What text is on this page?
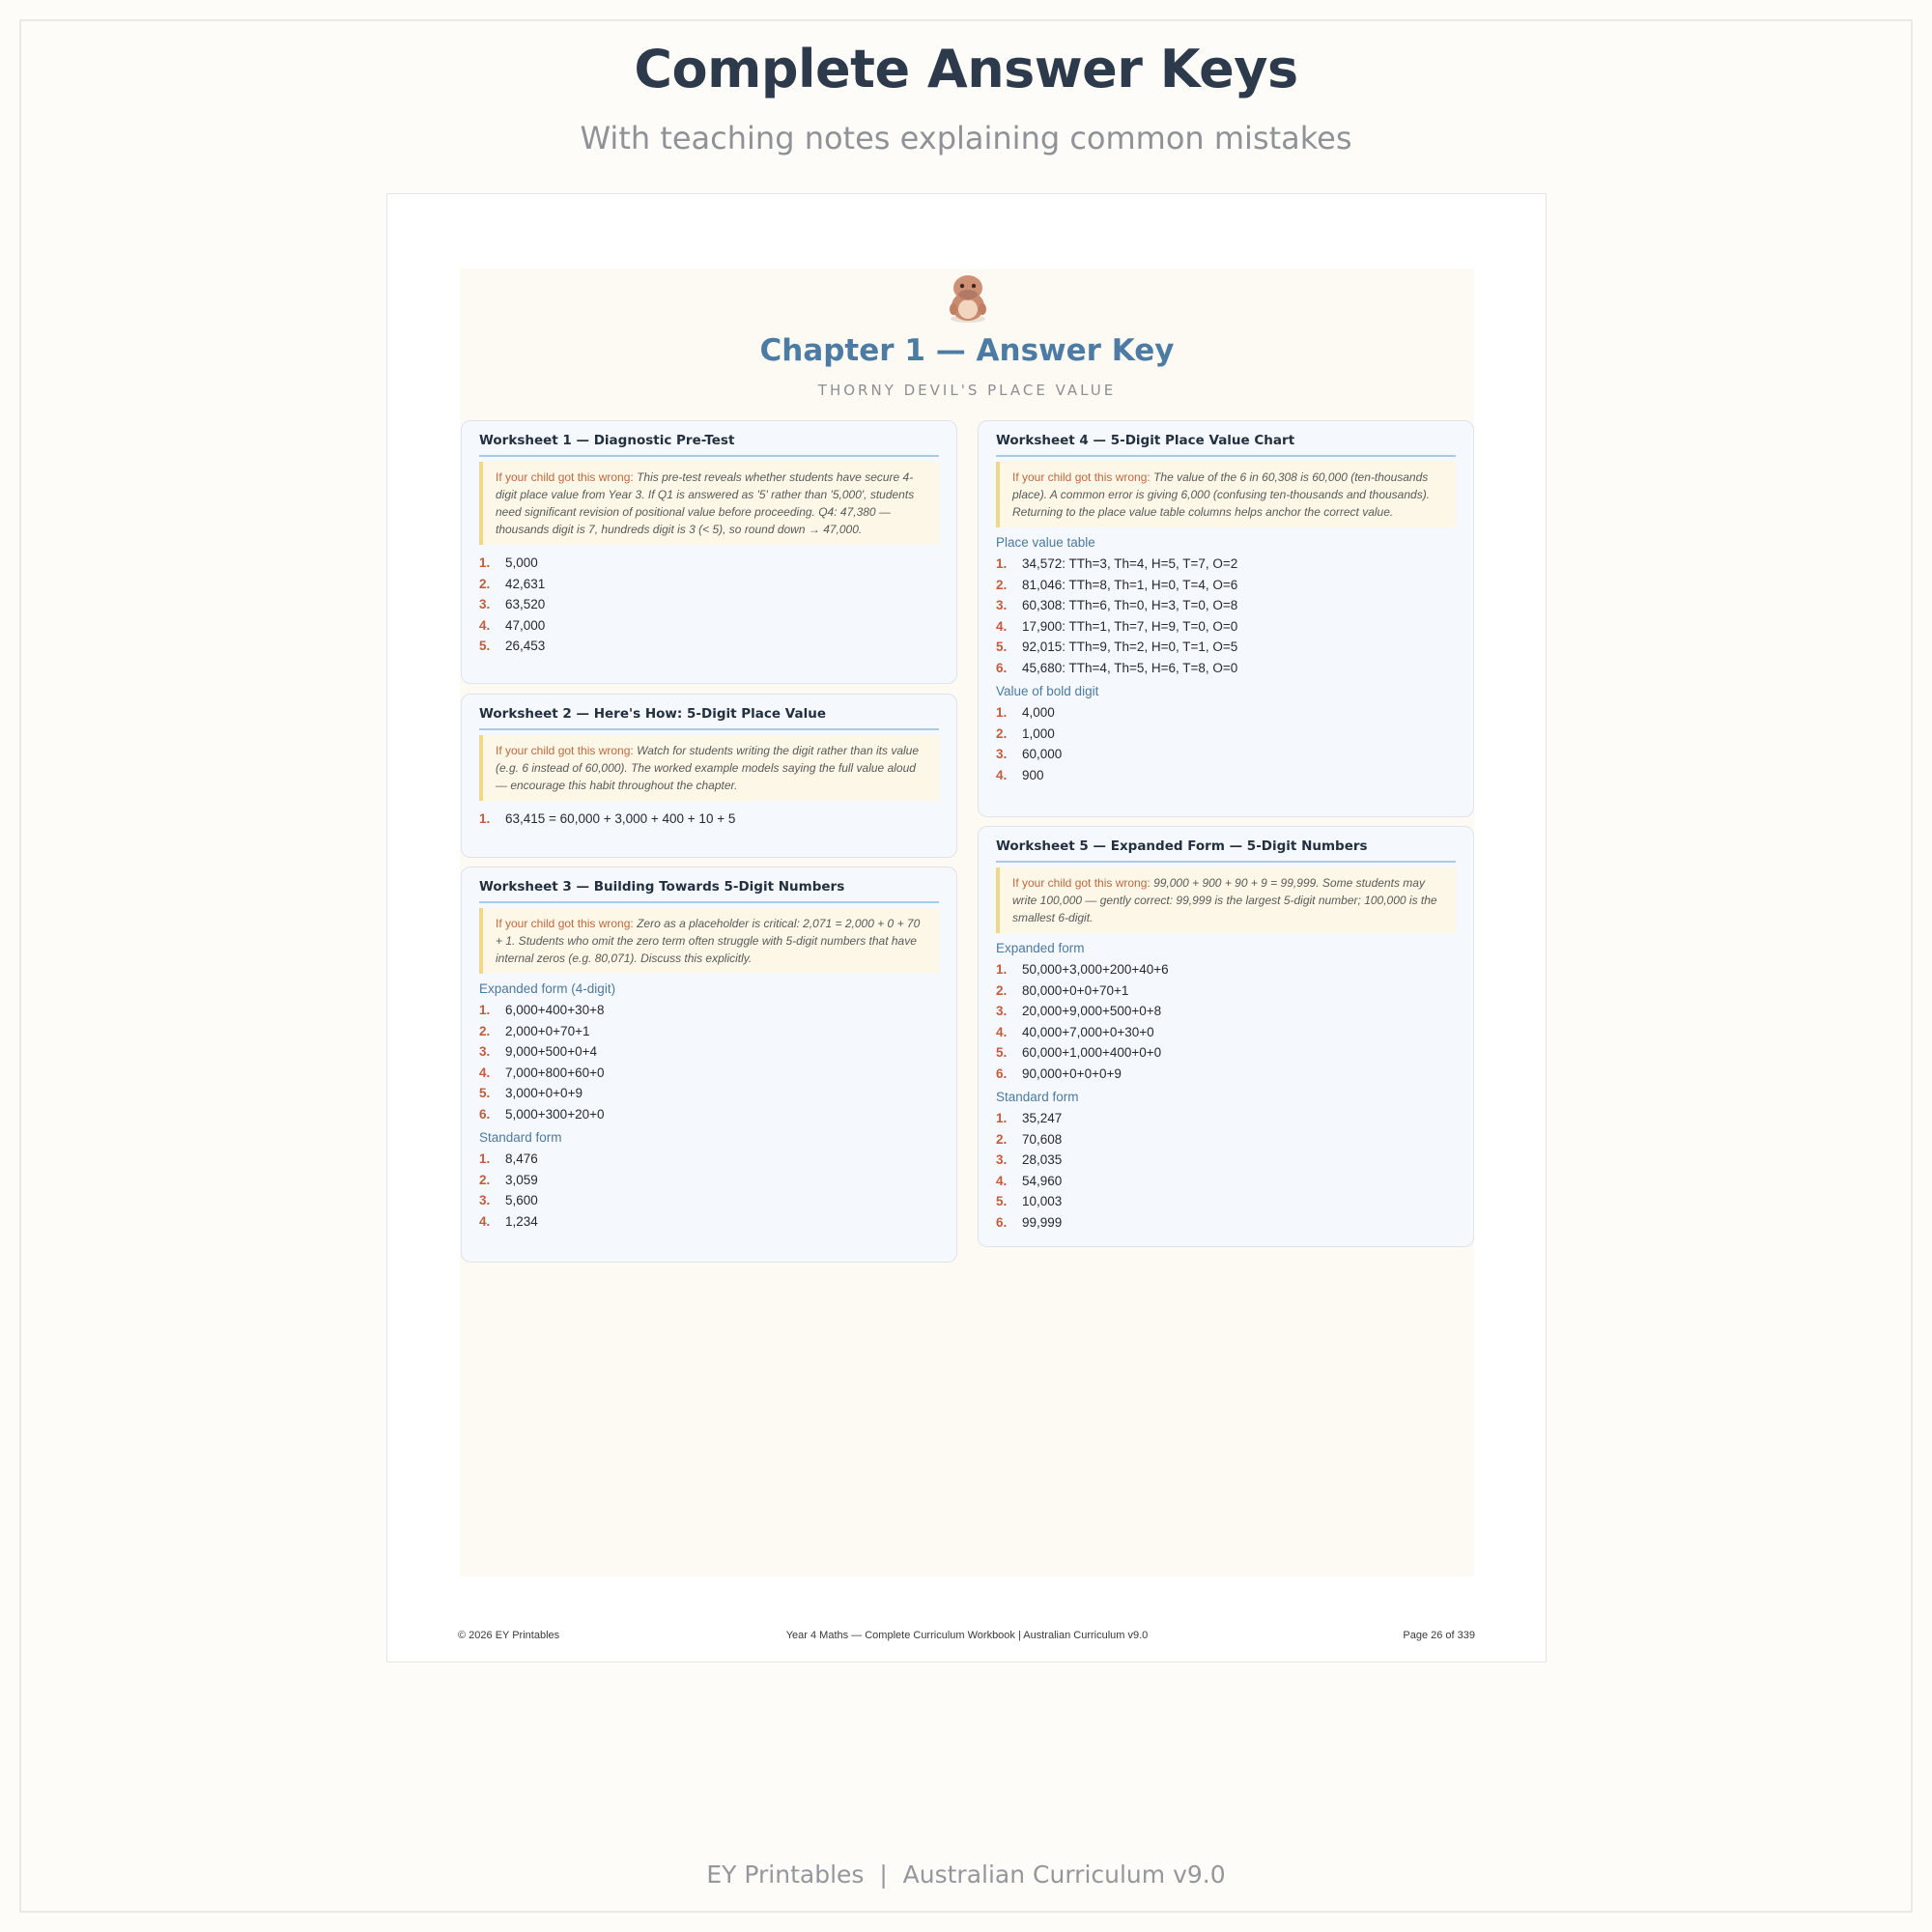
Complete Answer Keys
With teaching notes explaining common mistakes
Chapter 1 — Answer Key
THORNY DEVIL'S PLACE VALUE
Worksheet 1 — Diagnostic Pre-Test
If your child got this wrong: This pre-test reveals whether students have secure 4-digit place value from Year 3. If Q1 is answered as '5' rather than '5,000', students need significant revision of positional value before proceeding. Q4: 47,380 — thousands digit is 7, hundreds digit is 3 (< 5), so round down → 47,000.
1. 5,000
2. 42,631
3. 63,520
4. 47,000
5. 26,453
Worksheet 2 — Here's How: 5-Digit Place Value
If your child got this wrong: Watch for students writing the digit rather than its value (e.g. 6 instead of 60,000). The worked example models saying the full value aloud — encourage this habit throughout the chapter.
1. 63,415 = 60,000 + 3,000 + 400 + 10 + 5
Worksheet 3 — Building Towards 5-Digit Numbers
If your child got this wrong: Zero as a placeholder is critical: 2,071 = 2,000 + 0 + 70 + 1. Students who omit the zero term often struggle with 5-digit numbers that have internal zeros (e.g. 80,071). Discuss this explicitly.
Expanded form (4-digit)
1. 6,000+400+30+8
2. 2,000+0+70+1
3. 9,000+500+0+4
4. 7,000+800+60+0
5. 3,000+0+0+9
6. 5,000+300+20+0
Standard form
1. 8,476
2. 3,059
3. 5,600
4. 1,234
Worksheet 4 — 5-Digit Place Value Chart
If your child got this wrong: The value of the 6 in 60,308 is 60,000 (ten-thousands place). A common error is giving 6,000 (confusing ten-thousands and thousands). Returning to the place value table columns helps anchor the correct value.
Place value table
1. 34,572: TTh=3, Th=4, H=5, T=7, O=2
2. 81,046: TTh=8, Th=1, H=0, T=4, O=6
3. 60,308: TTh=6, Th=0, H=3, T=0, O=8
4. 17,900: TTh=1, Th=7, H=9, T=0, O=0
5. 92,015: TTh=9, Th=2, H=0, T=1, O=5
6. 45,680: TTh=4, Th=5, H=6, T=8, O=0
Value of bold digit
1. 4,000
2. 1,000
3. 60,000
4. 900
Worksheet 5 — Expanded Form — 5-Digit Numbers
If your child got this wrong: 99,000 + 900 + 90 + 9 = 99,999. Some students may write 100,000 — gently correct: 99,999 is the largest 5-digit number; 100,000 is the smallest 6-digit.
Expanded form
1. 50,000+3,000+200+40+6
2. 80,000+0+0+70+1
3. 20,000+9,000+500+0+8
4. 40,000+7,000+0+30+0
5. 60,000+1,000+400+0+0
6. 90,000+0+0+0+9
Standard form
1. 35,247
2. 70,608
3. 28,035
4. 54,960
5. 10,003
6. 99,999
© 2026 EY Printables	Year 4 Maths — Complete Curriculum Workbook | Australian Curriculum v9.0	Page 26 of 339
EY Printables  |  Australian Curriculum v9.0
